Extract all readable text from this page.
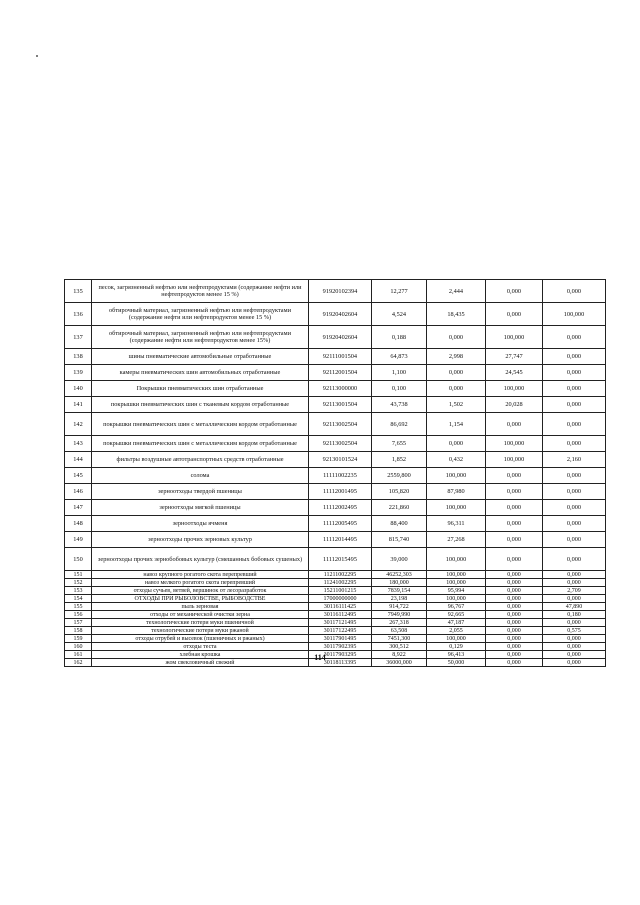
135	песок, загрязненный нефтью или нефтепродуктами (содержание нефти или нефтепродуктов менее 15 %)	91920102394	12,277	2,444	0,000	0,000
136	обтирочный материал, загрязненный нефтью или нефтепродуктами (содержание нефти или нефтепродуктов менее 15 %)	91920402604	4,524	18,435	0,000	100,000
137	обтирочный материал, загрязненный нефтью или нефтепродуктами (содержание нефти или нефтепродуктов менее 15%)	91920402604	0,188	0,000	100,000	0,000
138	шины пневматические автомобильные отработанные	92111001504	64,873	2,998	27,747	0,000
139	камеры пневматических шин автомобильных отработанные	92112001504	1,100	0,000	24,545	0,000
140	Покрышки пневматических шин отработанные	92113000000	0,100	0,000	100,000	0,000
141	покрышки пневматических шин с тканевым кордом отработанные	92113001504	43,738	1,502	20,028	0,000
142	покрышки пневматических шин с металлическим кордом отработанные	92113002504	86,692	1,154	0,000	0,000
143	покрышки пневматических шин с металлическим кордом отработанные	92113002504	7,655	0,000	100,000	0,000
144	фильтры воздушные автотранспортных средств отработанные	92130101524	1,852	0,432	100,000	2,160
145	солома	11111002235	2559,800	100,000	0,000	0,000
146	зерноотходы твердой пшеницы	11112001495	105,820	87,980	0,000	0,000
147	зерноотходы мягкой пшеницы	11112002495	221,860	100,000	0,000	0,000
148	зерноотходы ячменя	11112005495	88,400	96,311	0,000	0,000
149	зерноотходы прочих зерновых культур	11112014495	815,740	27,268	0,000	0,000
150	зерноотходы прочих зернобобовых культур (смешанных бобовых сушеных)	11112015495	39,000	100,000	0,000	0,000
151	навоз крупного рогатого скота перепревший	11211002295	46252,303	100,000	0,000	0,000
152	навоз мелкого рогатого скота перепревший	11241002295	180,000	100,000	0,000	0,000
153	отходы сучьев, ветвей, вершинок от лесоразработок	15211001215	7839,154	95,994	0,000	2,709
154	ОТХОДЫ ПРИ РЫБОЛОВСТВЕ, РЫБОВОДСТВЕ	17000000000	23,198	100,000	0,000	0,000
155	пыль зерновая	30116111425	914,722	96,767	0,000	47,890
156	отходы от механической очистки зерна	30116112495	7949,990	92,665	0,000	0,180
157	технологические потери муки пшеничной	30117121495	267,318	47,187	0,000	0,000
158	технологические потери муки ржаной	30117122495	63,508	2,055	0,000	0,575
159	отходы отрубей и высевок (пшеничных и ржаных)	30117901495	7451,300	100,000	0,000	0,000
160	отходы теста	30117902395	300,512	0,129	0,000	0,000
161	хлебная крошка	30117903295	8,922	96,413	0,000	0,000
162	жом свекловичный свежий	30118113395	36000,000	50,000	0,000	0,000
114
